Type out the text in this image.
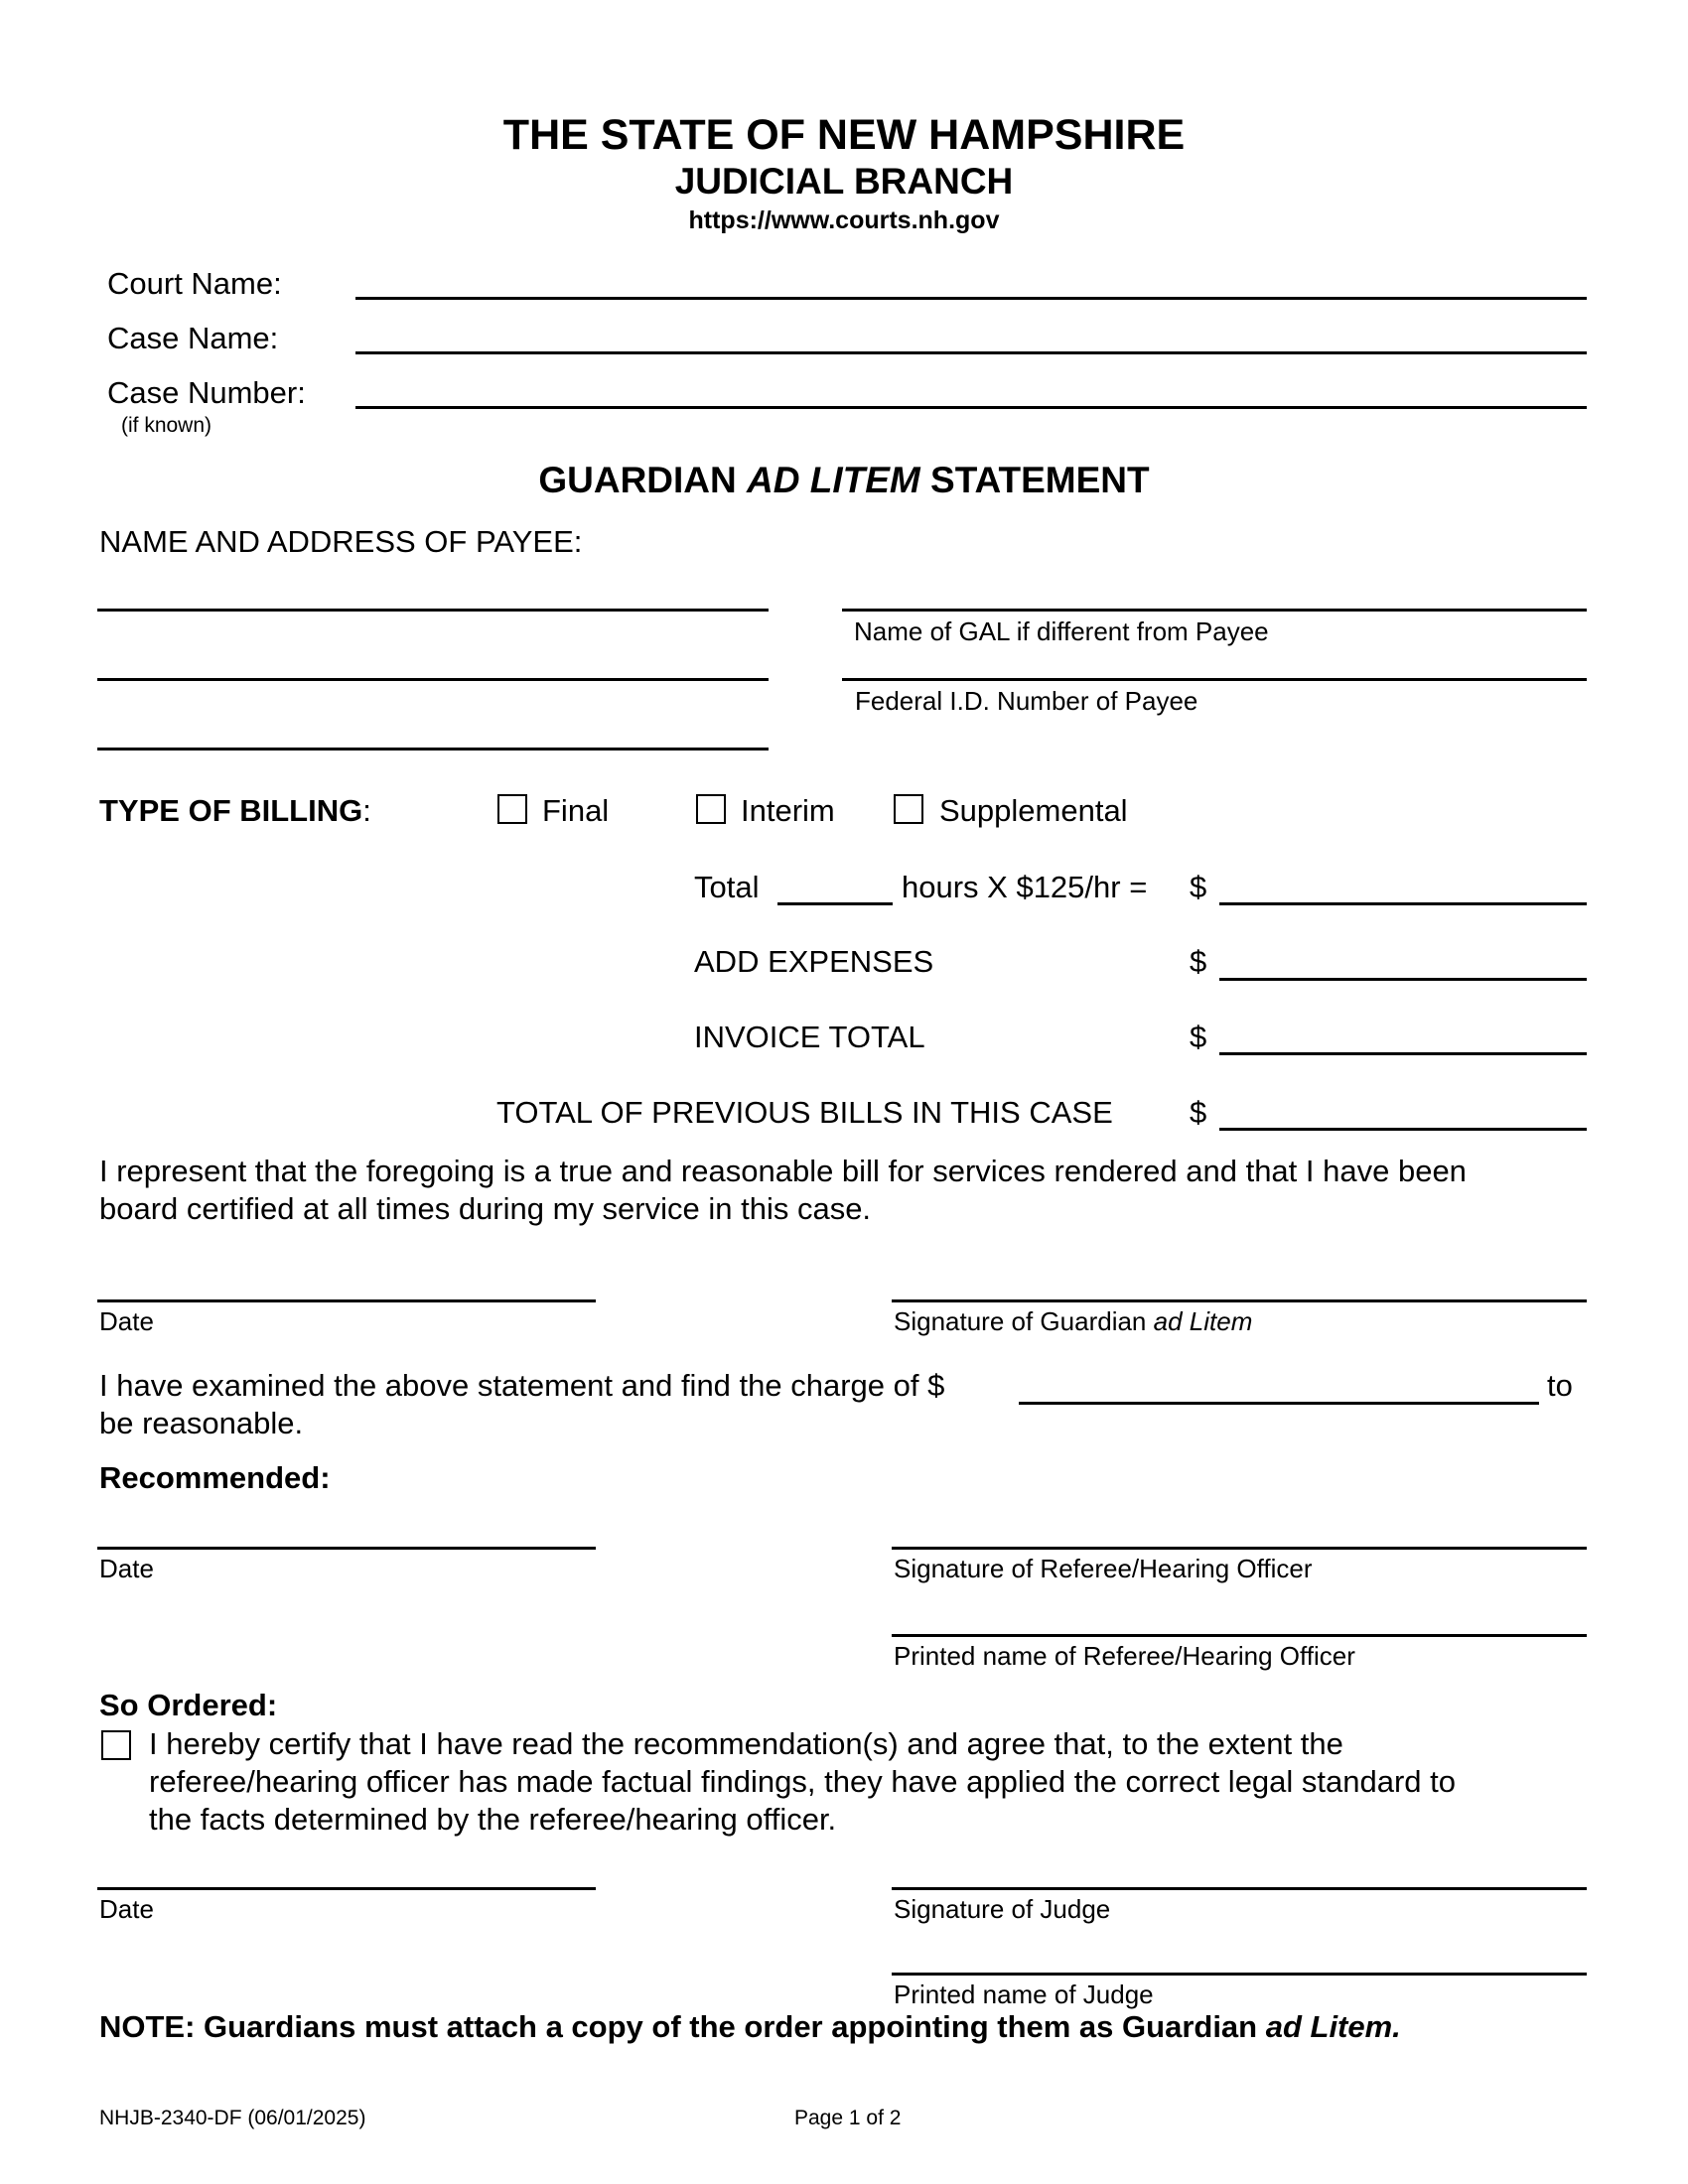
THE STATE OF NEW HAMPSHIRE
JUDICIAL BRANCH
https://www.courts.nh.gov
Court Name:
Case Name:
Case Number:
(if known)
GUARDIAN AD LITEM STATEMENT
NAME AND ADDRESS OF PAYEE:
Name of GAL if different from Payee
Federal I.D. Number of Payee
TYPE OF BILLING:	Final	Interim	Supplemental
Total	hours X $125/hr = $
ADD EXPENSES	$
INVOICE TOTAL	$
TOTAL OF PREVIOUS BILLS IN THIS CASE $
I represent that the foregoing is a true and reasonable bill for services rendered and that I have been
board certified at all times during my service in this case.
Date	Signature of Guardian ad Litem
I have examined the above statement and find the charge of $	to
be reasonable.
Recommended:
Date	Signature of Referee/Hearing Officer
Printed name of Referee/Hearing Officer
So Ordered:
I hereby certify that I have read the recommendation(s) and agree that, to the extent the
referee/hearing officer has made factual findings, they have applied the correct legal standard to
the facts determined by the referee/hearing officer.
Date	Signature of Judge
Printed name of Judge
NOTE: Guardians must attach a copy of the order appointing them as Guardian ad Litem.
NHJB-2340-DF (06/01/2025)	Page 1 of 2
